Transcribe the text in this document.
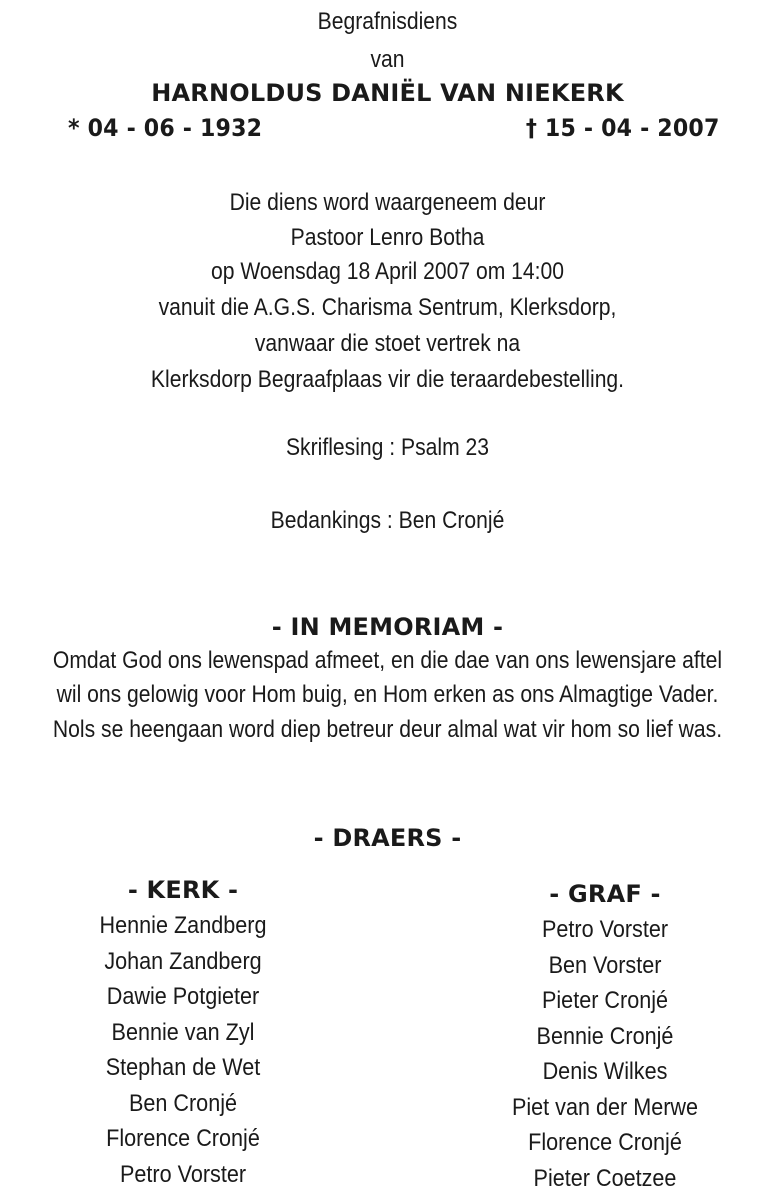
Begrafnisdiens
van
HARNOLDUS DANIËL VAN NIEKERK
* 04 - 06 - 1932	† 15 - 04 - 2007
Die diens word waargeneem deur
Pastoor Lenro Botha
op Woensdag 18 April 2007 om 14:00
vanuit die A.G.S. Charisma Sentrum, Klerksdorp,
vanwaar die stoet vertrek na
Klerksdorp Begraafplaas vir die teraardebestelling.
Skriflesing : Psalm 23
Bedankings : Ben Cronjé
- IN MEMORIAM -
Omdat God ons lewenspad afmeet, en die dae van ons lewensjare aftel
wil ons gelowig voor Hom buig, en Hom erken as ons Almagtige Vader.
Nols se heengaan word diep betreur deur almal wat vir hom so lief was.
- DRAERS -
- KERK -
Hennie Zandberg
Johan Zandberg
Dawie Potgieter
Bennie van Zyl
Stephan de Wet
Ben Cronjé
Florence Cronjé
Petro Vorster
- GRAF -
Petro Vorster
Ben Vorster
Pieter Cronjé
Bennie Cronjé
Denis Wilkes
Piet van der Merwe
Florence Cronjé
Pieter Coetzee
